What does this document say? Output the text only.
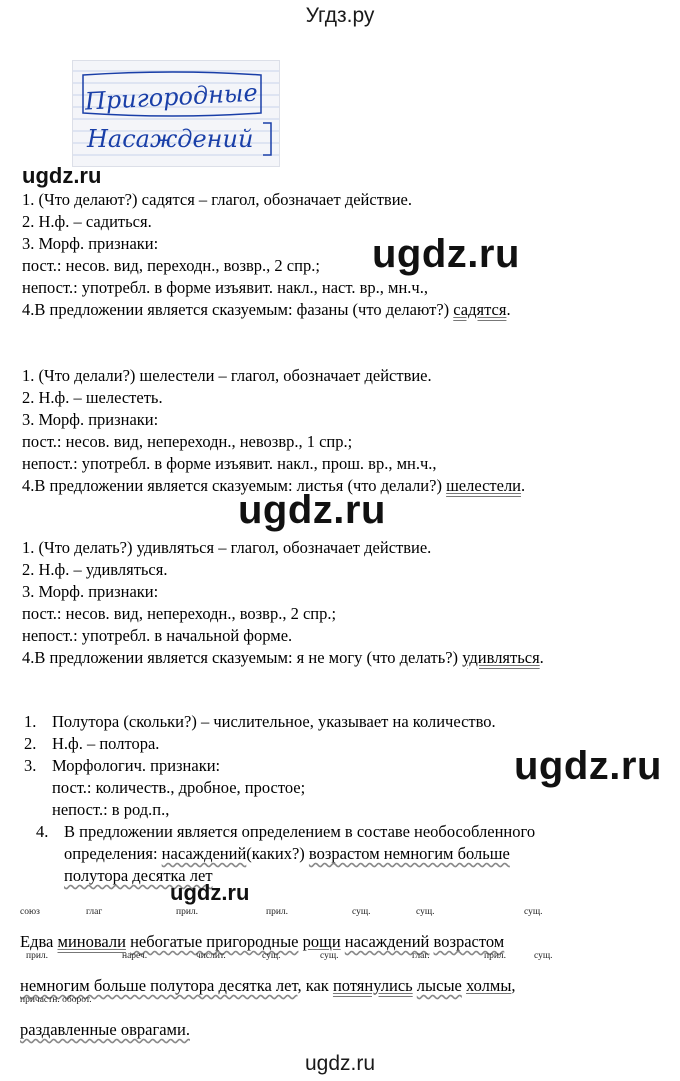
Угдз.ру
Пригородные
Насаждений
ugdz.ru
1. (Что делают?) садятся – глагол, обозначает действие.
2. Н.ф. – садиться.
3. Морф. признаки:
пост.: несов. вид, переходн., возвр., 2 спр.; ugdz.ru
непост.: употребл. в форме изъявит. накл., наст. вр., мн.ч.,
4.В предложении является сказуемым: фазаны (что делают?) садятся.
1. (Что делали?) шелестели – глагол, обозначает действие.
2. Н.ф. – шелестеть.
3. Морф. признаки:
пост.: несов. вид, непереходн., невозвр., 1 спр.;
непост.: употребл. в форме изъявит. накл., прош. вр., мн.ч.,
4.В предложении является сказуемым: листья (что делали?) шелестели.
ugdz.ru
1. (Что делать?) удивляться – глагол, обозначает действие.
2. Н.ф. – удивляться.
3. Морф. признаки:
пост.: несов. вид, непереходн., возвр., 2 спр.;
непост.: употребл. в начальной форме.
4.В предложении является сказуемым: я не могу (что делать?) удивляться.
1. Полутора (скольки?) – числительное, указывает на количество.
2. Н.ф. – полтора.
3. Морфологич. признаки:
пост.: количеств., дробное, простое;
непост.: в род.п.,
ugdz.ru
4. В предложении является определением в составе необособленного
определения: насаждений(каких?) возрастом немногим больше
полутора десятка лет
ugdz.ru
союз	глаг	прил.	прил.	сущ.	сущ.	сущ.
Едва миновали небогатые пригородные рощи насаждений возрастом
прил.	нареч.	числит.	сущ.	сущ.	глаг.	прил.	сущ.
немногим больше полутора десятка лет, как потянулись лысые холмы,
причастн. оборот.
раздавленные оврагами.
ugdz.ru
